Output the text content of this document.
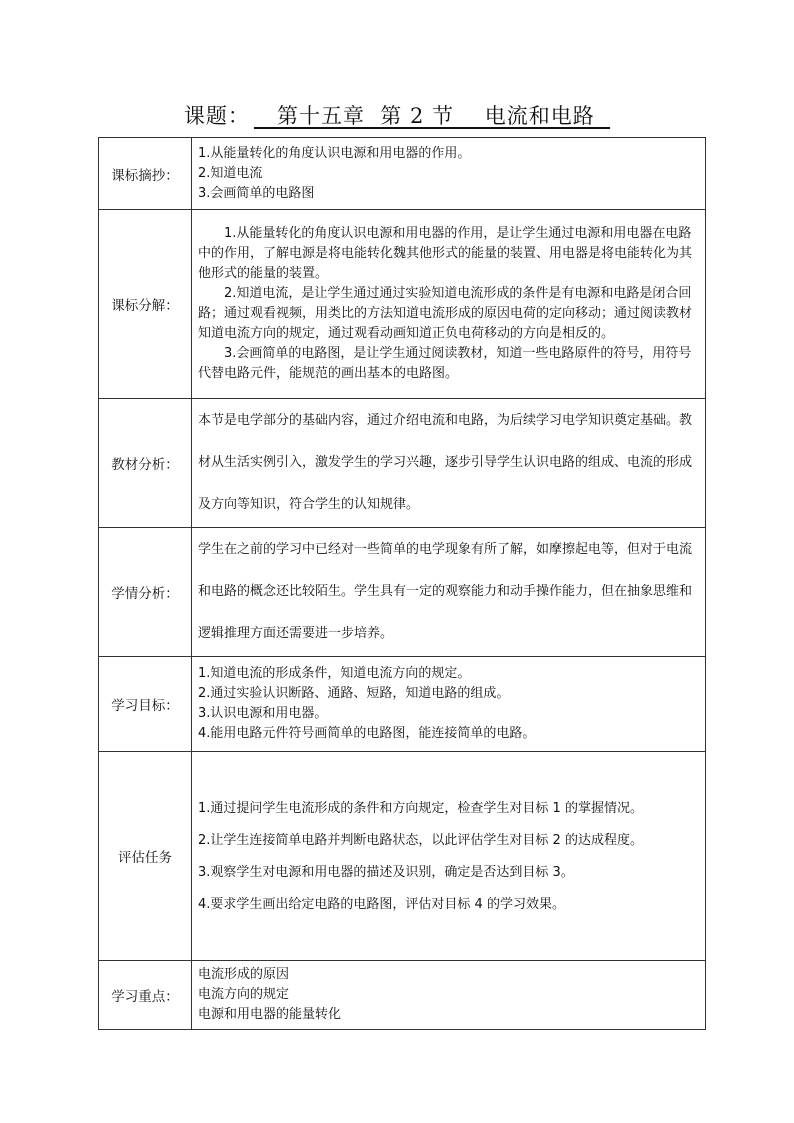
课题：   第十五章  第 2 节    电流和电路
课标摘抄：	1.从能量转化的角度认识电源和用电器的作用。

2.知道电流

3.会画简单的电路图

课标分解：	1.从能量转化的角度认识电源和用电器的作用，是让学生通过电源和用电器在电路中的作用，了解电源是将电能转化魏其他形式的能量的装置、用电器是将电能转化为其他形式的能量的装置。

2.知道电流，是让学生通过通过实验知道电流形成的条件是有电源和电路是闭合回路；通过观看视频，用类比的方法知道电流形成的原因电荷的定向移动；通过阅读教材知道电流方向的规定，通过观看动画知道正负电荷移动的方向是相反的。

3.会画简单的电路图，是让学生通过阅读教材，知道一些电路原件的符号，用符号代替电路元件，能规范的画出基本的电路图。

教材分析：	本节是电学部分的基础内容，通过介绍电流和电路，为后续学习电学知识奠定基础。教材从生活实例引入，激发学生的学习兴趣，逐步引导学生认识电路的组成、电流的形成及方向等知识，符合学生的认知规律。

学情分析：	学生在之前的学习中已经对一些简单的电学现象有所了解，如摩擦起电等，但对于电流和电路的概念还比较陌生。学生具有一定的观察能力和动手操作能力，但在抽象思维和逻辑推理方面还需要进一步培养。

学习目标：	1.知道电流的形成条件，知道电流方向的规定。

2.通过实验认识断路、通路、短路，知道电路的组成。

3.认识电源和用电器。

4.能用电路元件符号画简单的电路图，能连接简单的电路。

评估任务	1.通过提问学生电流形成的条件和方向规定，检查学生对目标 1 的掌握情况。

2.让学生连接简单电路并判断电路状态，以此评估学生对目标 2 的达成程度。

3.观察学生对电源和用电器的描述及识别，确定是否达到目标 3。

4.要求学生画出给定电路的电路图，评估对目标 4 的学习效果。

学习重点：	电流形成的原因

电流方向的规定

电源和用电器的能量转化
